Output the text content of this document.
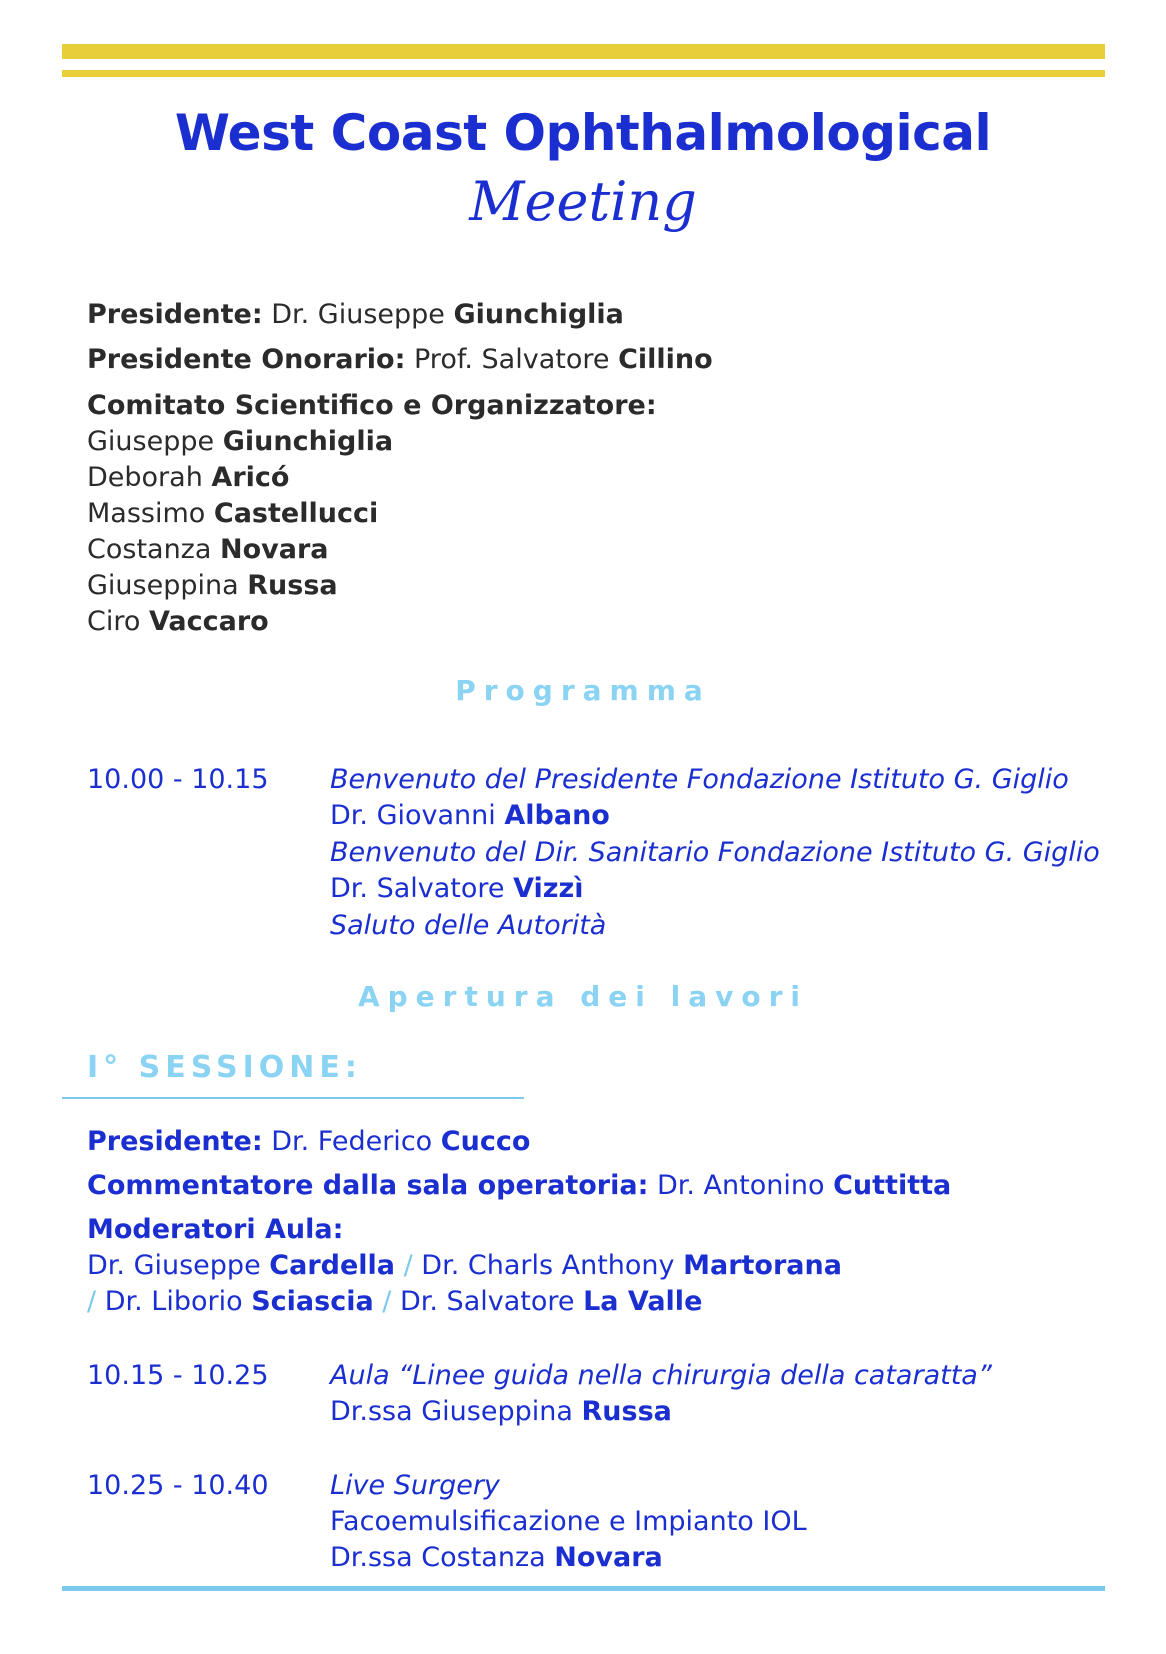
West Coast Ophthalmological
Meeting
Presidente: Dr. Giuseppe Giunchiglia
Presidente Onorario: Prof. Salvatore Cillino
Comitato Scientifico e Organizzatore:
Giuseppe Giunchiglia
Deborah Aricó
Massimo Castellucci
Costanza Novara
Giuseppina Russa
Ciro Vaccaro
Programma
10.00 - 10.15 Benvenuto del Presidente Fondazione Istituto G. Giglio
Dr. Giovanni Albano
Benvenuto del Dir. Sanitario Fondazione Istituto G. Giglio
Dr. Salvatore Vizzì
Saluto delle Autorità
Apertura dei lavori
I° SESSIONE:
Presidente: Dr. Federico Cucco
Commentatore dalla sala operatoria: Dr. Antonino Cuttitta
Moderatori Aula:
Dr. Giuseppe Cardella / Dr. Charls Anthony Martorana
/ Dr. Liborio Sciascia / Dr. Salvatore La Valle
10.15 - 10.25 Aula “Linee guida nella chirurgia della cataratta”
Dr.ssa Giuseppina Russa
10.25 - 10.40 Live Surgery
Facoemulsificazione e Impianto IOL
Dr.ssa Costanza Novara
